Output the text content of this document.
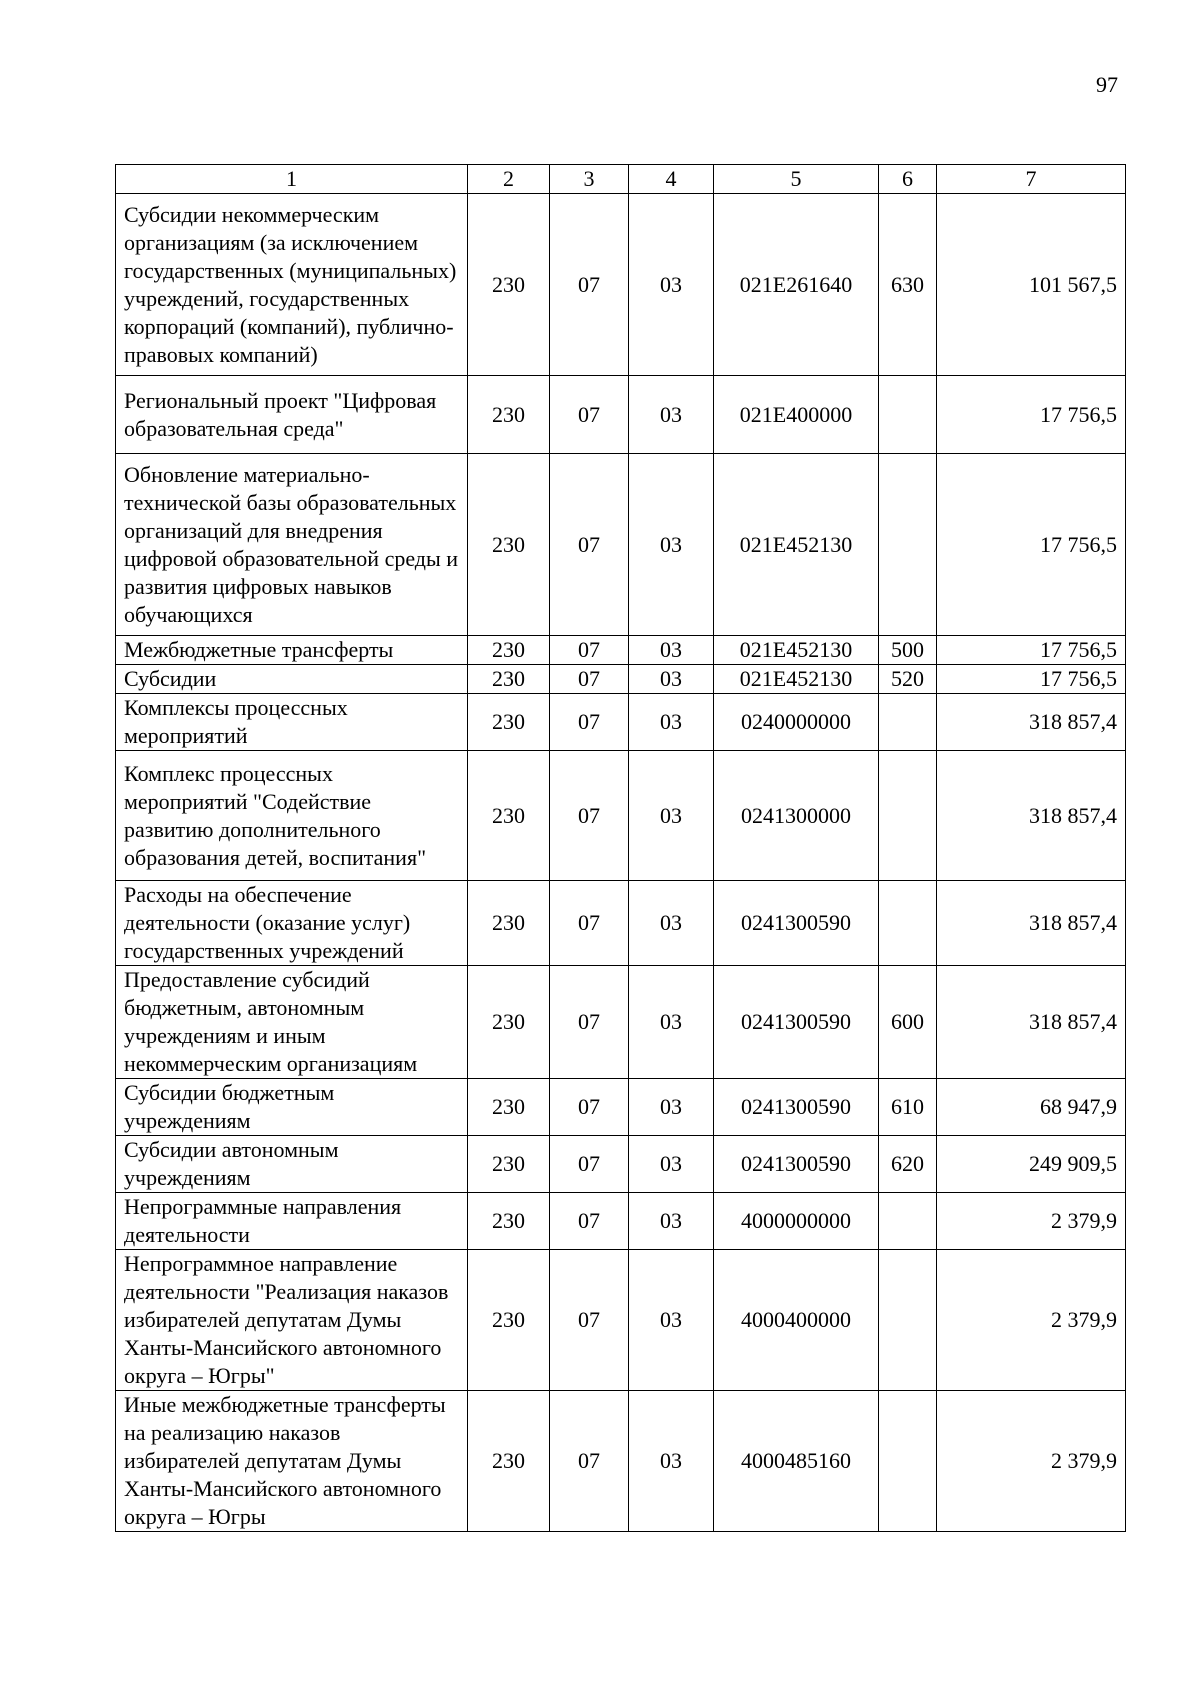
97
1	2	3	4	5	6	7
Субсидии некоммерческим организациям (за исключением государственных (муниципальных) учреждений, государственных корпораций (компаний), публично-правовых компаний)	230	07	03	021E261640	630	101 567,5
Региональный проект "Цифровая образовательная среда"	230	07	03	021E400000		17 756,5
Обновление материально-технической базы образовательных организаций для внедрения цифровой образовательной среды и развития цифровых навыков обучающихся	230	07	03	021E452130		17 756,5
Межбюджетные трансферты	230	07	03	021E452130	500	17 756,5
Субсидии	230	07	03	021E452130	520	17 756,5
Комплексы процессных мероприятий	230	07	03	0240000000		318 857,4
Комплекс процессных мероприятий "Содействие развитию дополнительного образования детей, воспитания"	230	07	03	0241300000		318 857,4
Расходы на обеспечение деятельности (оказание услуг) государственных учреждений	230	07	03	0241300590		318 857,4
Предоставление субсидий бюджетным, автономным учреждениям и иным некоммерческим организациям	230	07	03	0241300590	600	318 857,4
Субсидии бюджетным учреждениям	230	07	03	0241300590	610	68 947,9
Субсидии автономным учреждениям	230	07	03	0241300590	620	249 909,5
Непрограммные направления деятельности	230	07	03	4000000000		2 379,9
Непрограммное направление деятельности "Реализация наказов избирателей депутатам Думы Ханты-Мансийского автономного округа – Югры"	230	07	03	4000400000		2 379,9
Иные межбюджетные трансферты на реализацию наказов избирателей депутатам Думы Ханты-Мансийского автономного округа – Югры	230	07	03	4000485160		2 379,9
